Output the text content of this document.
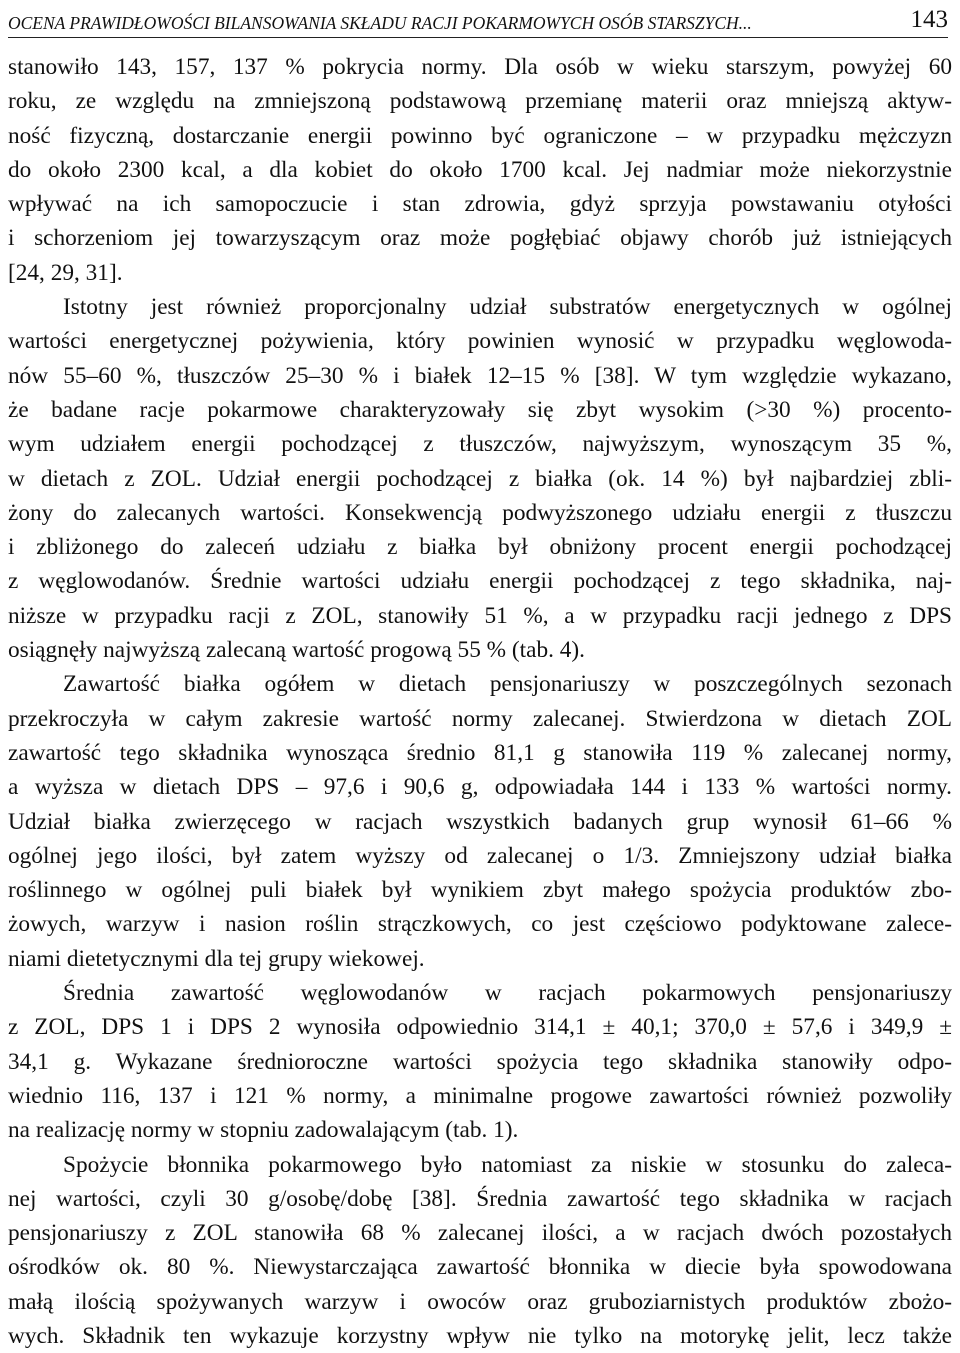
OCENA PRAWIDŁOWOŚCI BILANSOWANIA SKŁADU RACJI POKARMOWYCH OSÓB STARSZYCH...	143
stanowiło 143, 157, 137 % pokrycia normy. Dla osób w wieku starszym, powyżej 60
roku, ze względu na zmniejszoną podstawową przemianę materii oraz mniejszą aktyw-
ność fizyczną, dostarczanie energii powinno być ograniczone – w przypadku mężczyzn
do około 2300 kcal, a dla kobiet do około 1700 kcal. Jej nadmiar może niekorzystnie
wpływać na ich samopoczucie i stan zdrowia, gdyż sprzyja powstawaniu otyłości
i schorzeniom jej towarzyszącym oraz może pogłębiać objawy chorób już istniejących
[24, 29, 31].
Istotny jest również proporcjonalny udział substratów energetycznych w ogólnej
wartości energetycznej pożywienia, który powinien wynosić w przypadku węglowoda-
nów 55–60 %, tłuszczów 25–30 % i białek 12–15 % [38]. W tym względzie wykazano,
że badane racje pokarmowe charakteryzowały się zbyt wysokim (>30 %) procento-
wym udziałem energii pochodzącej z tłuszczów, najwyższym, wynoszącym 35 %,
w dietach z ZOL. Udział energii pochodzącej z białka (ok. 14 %) był najbardziej zbli-
żony do zalecanych wartości. Konsekwencją podwyższonego udziału energii z tłuszczu
i zbliżonego do zaleceń udziału z białka był obniżony procent energii pochodzącej
z węglowodanów. Średnie wartości udziału energii pochodzącej z tego składnika, naj-
niższe w przypadku racji z ZOL, stanowiły 51 %, a w przypadku racji jednego z DPS
osiągnęły najwyższą zalecaną wartość progową 55 % (tab. 4).
Zawartość białka ogółem w dietach pensjonariuszy w poszczególnych sezonach
przekroczyła w całym zakresie wartość normy zalecanej. Stwierdzona w dietach ZOL
zawartość tego składnika wynosząca średnio 81,1 g stanowiła 119 % zalecanej normy,
a wyższa w dietach DPS – 97,6 i 90,6 g, odpowiadała 144 i 133 % wartości normy.
Udział białka zwierzęcego w racjach wszystkich badanych grup wynosił 61–66 %
ogólnej jego ilości, był zatem wyższy od zalecanej o 1/3. Zmniejszony udział białka
roślinnego w ogólnej puli białek był wynikiem zbyt małego spożycia produktów zbo-
żowych, warzyw i nasion roślin strączkowych, co jest częściowo podyktowane zalece-
niami dietetycznymi dla tej grupy wiekowej.
Średnia zawartość węglowodanów w racjach pokarmowych pensjonariuszy
z ZOL, DPS 1 i DPS 2 wynosiła odpowiednio 314,1 ± 40,1; 370,0 ± 57,6 i 349,9 ±
34,1 g. Wykazane średnioroczne wartości spożycia tego składnika stanowiły odpo-
wiednio 116, 137 i 121 % normy, a minimalne progowe zawartości również pozwoliły
na realizację normy w stopniu zadowalającym (tab. 1).
Spożycie błonnika pokarmowego było natomiast za niskie w stosunku do zaleca-
nej wartości, czyli 30 g/osobę/dobę [38]. Średnia zawartość tego składnika w racjach
pensjonariuszy z ZOL stanowiła 68 % zalecanej ilości, a w racjach dwóch pozostałych
ośrodków ok. 80 %. Niewystarczająca zawartość błonnika w diecie była spowodowana
małą ilością spożywanych warzyw i owoców oraz gruboziarnistych produktów zbożo-
wych. Składnik ten wykazuje korzystny wpływ nie tylko na motorykę jelit, lecz także
